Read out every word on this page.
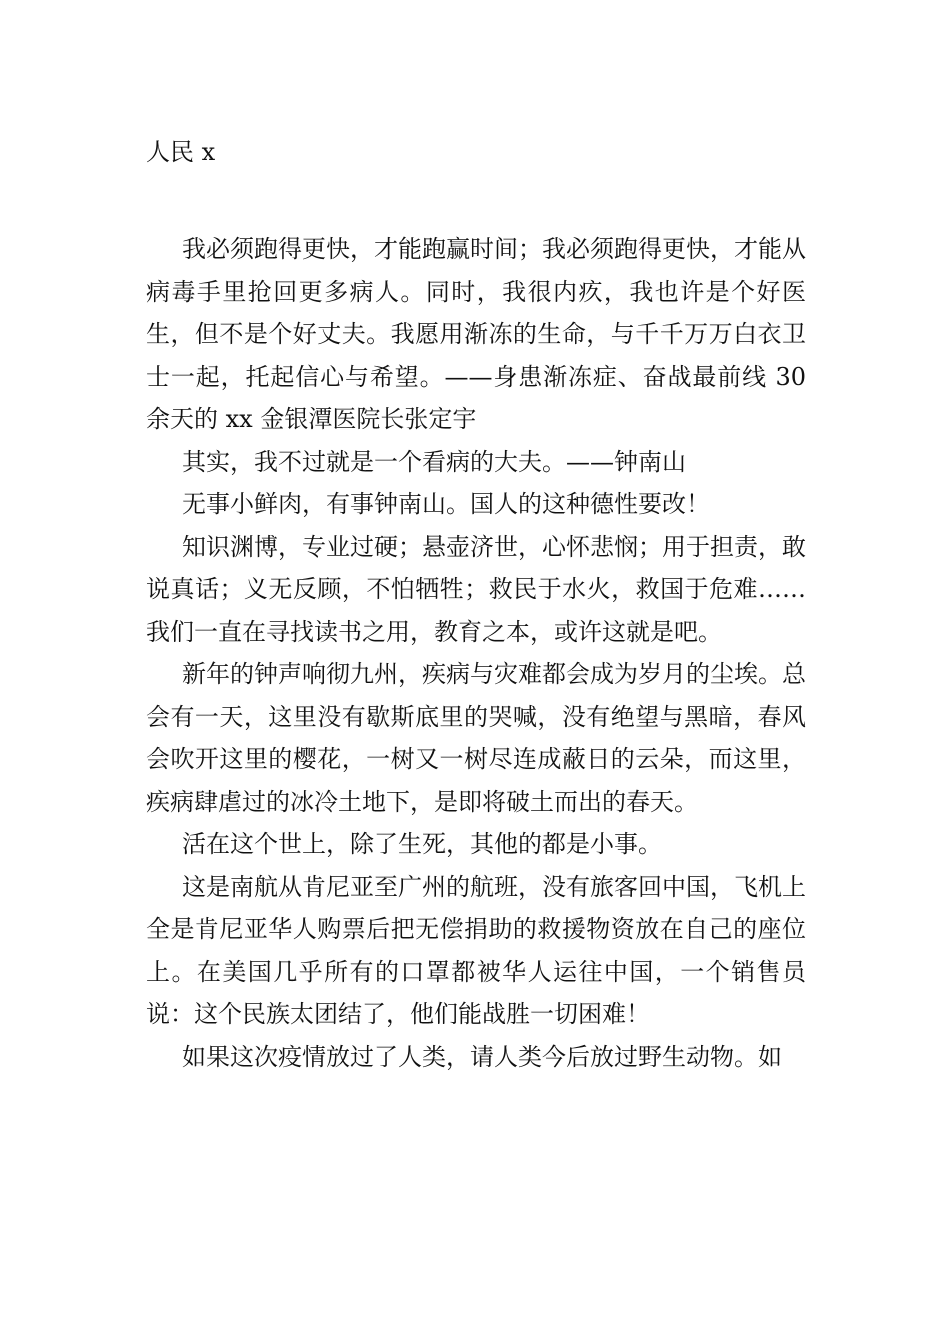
人民 x

我必须跑得更快，才能跑赢时间；我必须跑得更快，才能从病毒手里抢回更多病人。同时，我很内疚，我也许是个好医生，但不是个好丈夫。我愿用渐冻的生命，与千千万万白衣卫士一起，托起信心与希望。——身患渐冻症、奋战最前线 30 余天的 xx 金银潭医院长张定宇

其实，我不过就是一个看病的大夫。——钟南山

无事小鲜肉，有事钟南山。国人的这种德性要改！

知识渊博，专业过硬；悬壶济世，心怀悲悯；用于担责，敢说真话；义无反顾，不怕牺牲；救民于水火，救国于危难……我们一直在寻找读书之用，教育之本，或许这就是吧。

新年的钟声响彻九州，疾病与灾难都会成为岁月的尘埃。总会有一天，这里没有歇斯底里的哭喊，没有绝望与黑暗，春风会吹开这里的樱花，一树又一树尽连成蔽日的云朵，而这里，疾病肆虐过的冰冷土地下，是即将破土而出的春天。

活在这个世上，除了生死，其他的都是小事。

这是南航从肯尼亚至广州的航班，没有旅客回中国，飞机上全是肯尼亚华人购票后把无偿捐助的救援物资放在自己的座位上。在美国几乎所有的口罩都被华人运往中国，一个销售员说：这个民族太团结了，他们能战胜一切困难！

如果这次疫情放过了人类，请人类今后放过野生动物。如
